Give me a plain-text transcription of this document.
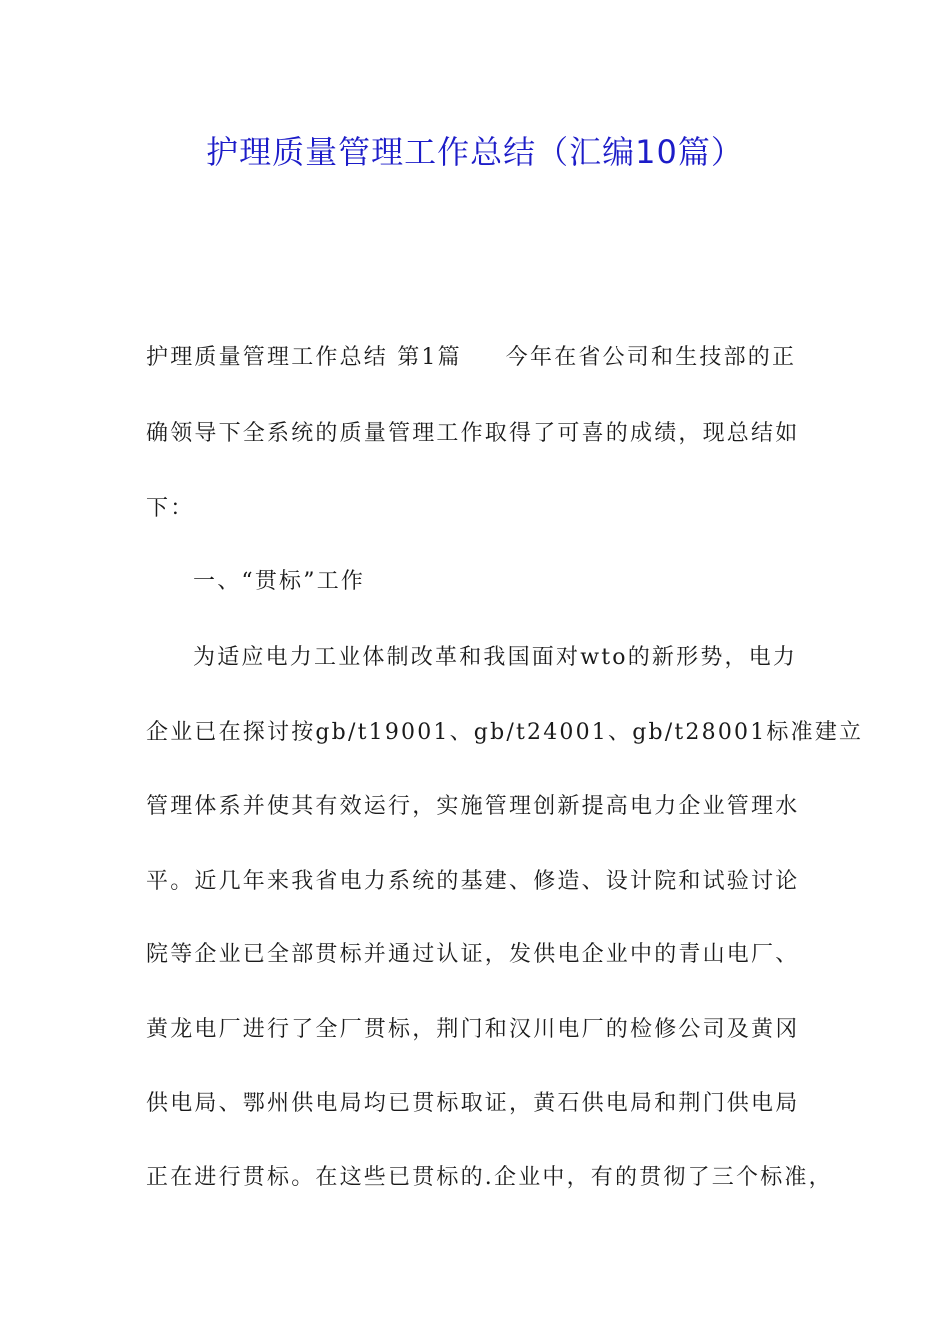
护理质量管理工作总结（汇编10篇）
护理质量管理工作总结 第1篇 今年在省公司和生技部的正
确领导下全系统的质量管理工作取得了可喜的成绩，现总结如
下：
一、“贯标”工作
为适应电力工业体制改革和我国面对wto的新形势，电力
企业已在探讨按gb/t19001、gb/t24001、gb/t28001标准建立
管理体系并使其有效运行，实施管理创新提高电力企业管理水
平。近几年来我省电力系统的基建、修造、设计院和试验讨论
院等企业已全部贯标并通过认证，发供电企业中的青山电厂、
黄龙电厂进行了全厂贯标，荆门和汉川电厂的检修公司及黄冈
供电局、鄂州供电局均已贯标取证，黄石供电局和荆门供电局
正在进行贯标。在这些已贯标的.企业中，有的贯彻了三个标准，
